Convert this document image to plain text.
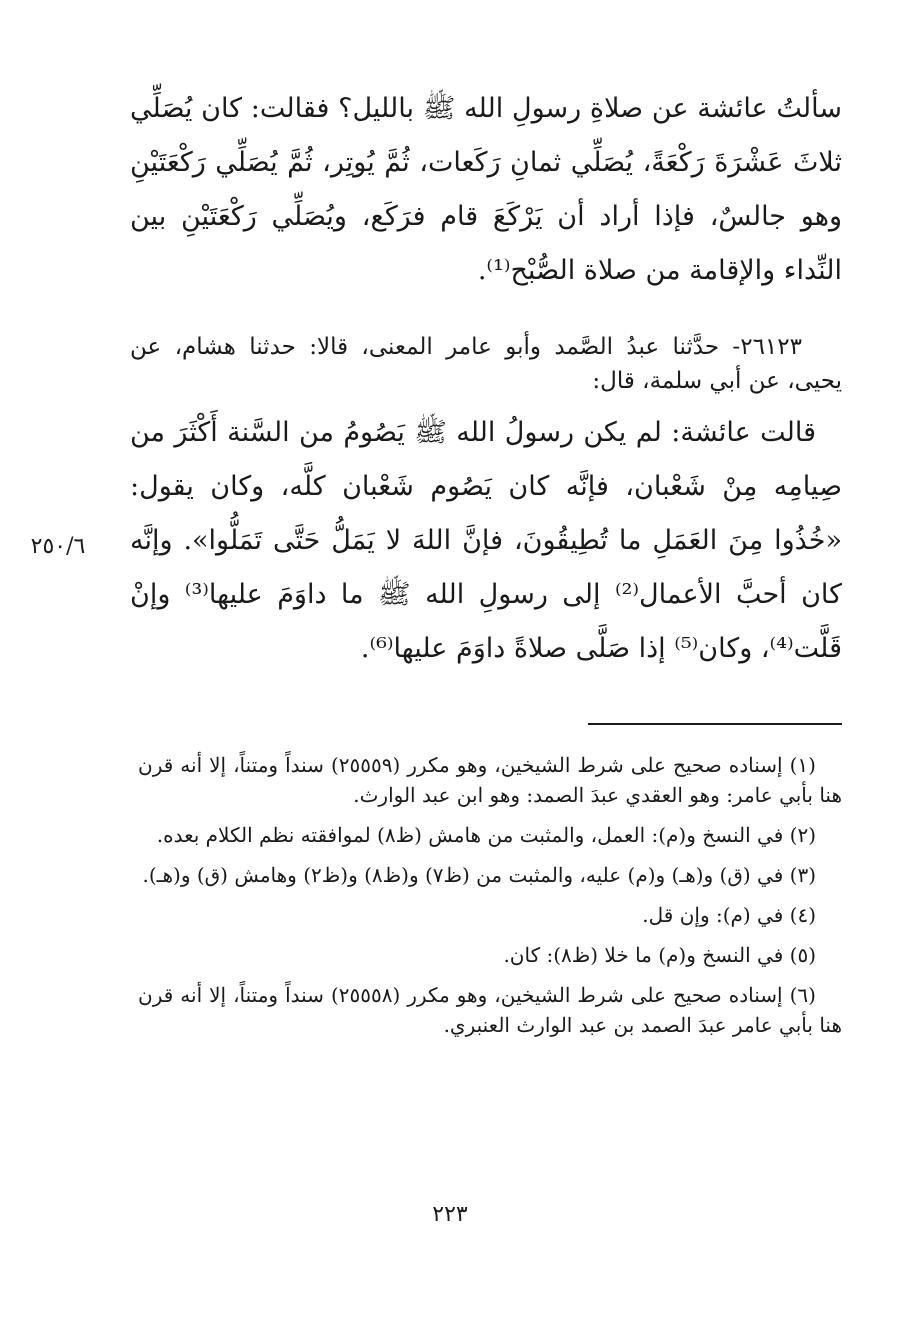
سألتُ عائشة عن صلاةِ رسولِ الله ﷺ بالليل؟ فقالت: كان يُصَلِّي ثلاثَ عَشْرَةَ رَكْعَةً، يُصَلِّي ثمانِ رَكَعات، ثُمَّ يُوتِر، ثُمَّ يُصَلِّي رَكْعَتَيْنِ وهو جالسٌ، فإذا أراد أن يَرْكَعَ قام فرَكَع، ويُصَلِّي رَكْعَتَيْنِ بين النِّداء والإقامة من صلاة الصُّبْح⁽¹⁾.

٢٦١٢٣- حدَّثنا عبدُ الصَّمد وأبو عامر المعنى، قالا: حدثنا هشام، عن يحيى، عن أبي سلمة، قال:

قالت عائشة: لم يكن رسولُ الله ﷺ يَصُومُ من السَّنة أَكْثَرَ من صِيامِه مِنْ شَعْبان، فإنَّه كان يَصُوم شَعْبان كلَّه، وكان يقول: «خُذُوا مِنَ العَمَلِ ما تُطِيقُونَ، فإنَّ اللهَ لا يَمَلُّ حَتَّى تَمَلُّوا». وإنَّه كان أحبَّ الأعمال⁽²⁾ إلى رسولِ الله ﷺ ما داوَمَ عليها⁽³⁾ وإنْ قَلَّت⁽⁴⁾، وكان⁽⁵⁾ إذا صَلَّى صلاةً داوَمَ عليها⁽⁶⁾.

٢٥٠/٦
(١) إسناده صحيح على شرط الشيخين، وهو مكرر (٢٥٥٥٩) سنداً ومتناً، إلا أنه قرن هنا بأبي عامر: وهو العقدي عبدَ الصمد: وهو ابن عبد الوارث.
(٢) في النسخ و(م): العمل، والمثبت من هامش (ظ٨) لموافقته نظم الكلام بعده.
(٣) في (ق) و(هـ) و(م) عليه، والمثبت من (ظ٧) و(ظ٨) و(ظ٢) وهامش (ق) و(هـ).
(٤) في (م): وإن قل.
(٥) في النسخ و(م) ما خلا (ظ٨): كان.
(٦) إسناده صحيح على شرط الشيخين، وهو مكرر (٢٥٥٥٨) سنداً ومتناً، إلا أنه قرن هنا بأبي عامر عبدَ الصمد بن عبد الوارث العنبري.
٢٢٣
